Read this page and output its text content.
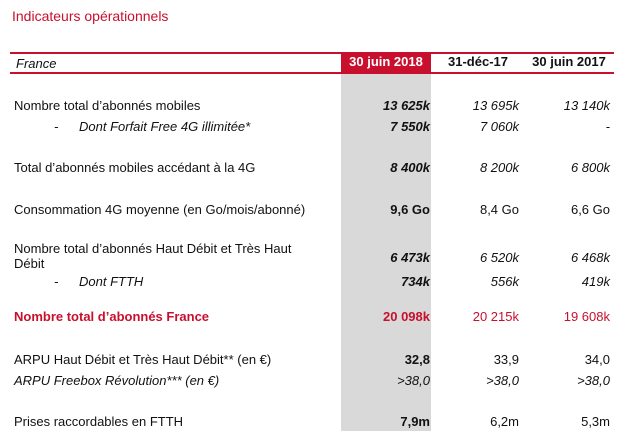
Indicateurs opérationnels
France	30 juin 2018	31-déc-17	30 juin 2017
Nombre total d’abonnés mobiles	13 625k	13 695k	13 140k
- Dont Forfait Free 4G illimitée*	7 550k	7 060k	-
Total d’abonnés mobiles accédant à la 4G	8 400k	8 200k	6 800k
Consommation 4G moyenne (en Go/mois/abonné)	9,6 Go	8,4 Go	6,6 Go
Nombre total d’abonnés Haut Débit et Très Haut
Débit	6 473k	6 520k	6 468k
- Dont FTTH	734k	556k	419k
Nombre total d’abonnés France	20 098k	20 215k	19 608k
ARPU Haut Débit et Très Haut Débit** (en €)	32,8	33,9	34,0
ARPU Freebox Révolution*** (en €)	>38,0	>38,0	>38,0
Prises raccordables en FTTH	7,9m	6,2m	5,3m
